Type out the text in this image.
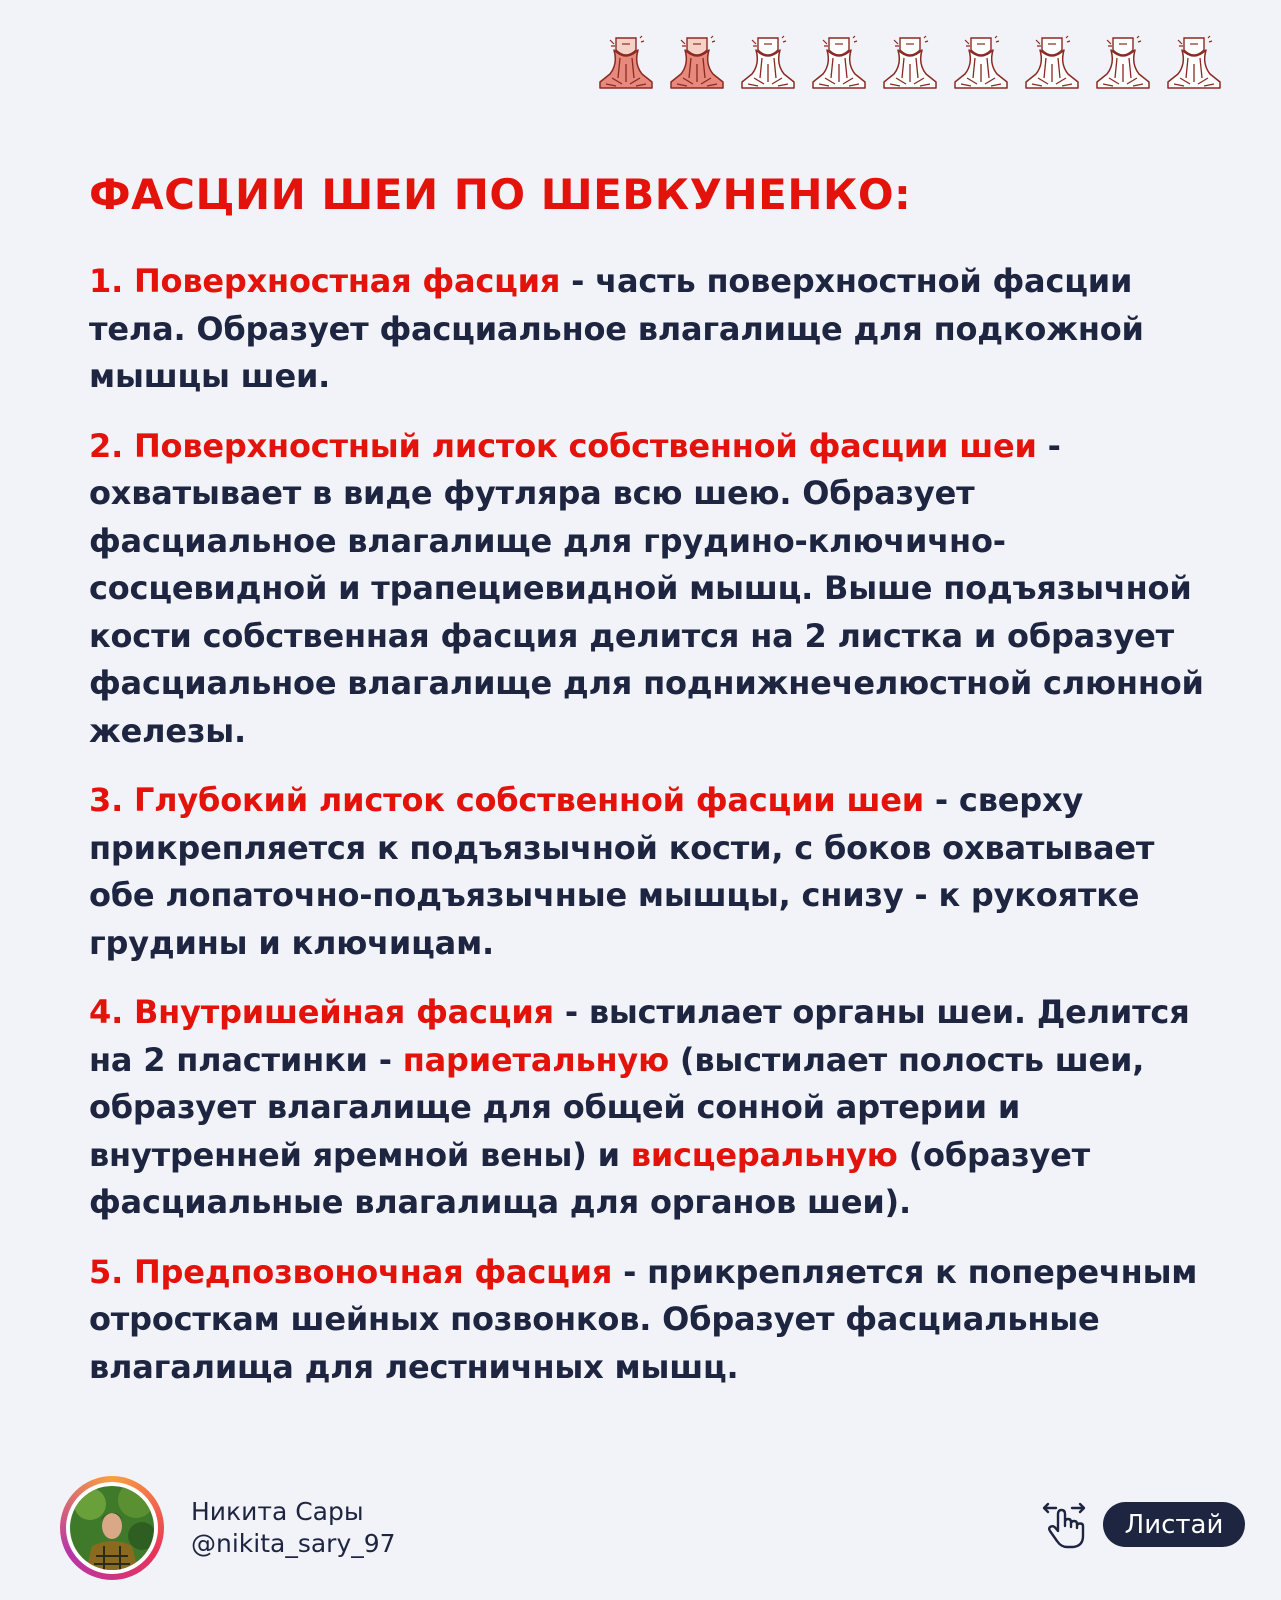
ФАСЦИИ ШЕИ ПО ШЕВКУНЕНКО:

1. Поверхностная фасция - часть поверхностной фасции тела. Образует фасциальное влагалище для подкожной мышцы шеи.

2. Поверхностный листок собственной фасции шеи - охватывает в виде футляра всю шею. Образует фасциальное влагалище для грудино-ключично-сосцевидной и трапециевидной мышц. Выше подъязычной кости собственная фасция делится на 2 листка и образует фасциальное влагалище для поднижнечелюстной слюнной железы.

3. Глубокий листок собственной фасции шеи - сверху прикрепляется к подъязычной кости, с боков охватывает обе лопаточно-подъязычные мышцы, снизу - к рукоятке грудины и ключицам.

4. Внутришейная фасция - выстилает органы шеи. Делится на 2 пластинки - париетальную (выстилает полость шеи, образует влагалище для общей сонной артерии и внутренней яремной вены) и висцеральную (образует фасциальные влагалища для органов шеи).

5. Предпозвоночная фасция - прикрепляется к поперечным отросткам шейных позвонков. Образует фасциальные влагалища для лестничных мышц.

Никита Сары
@nikita_sary_97
Листай
